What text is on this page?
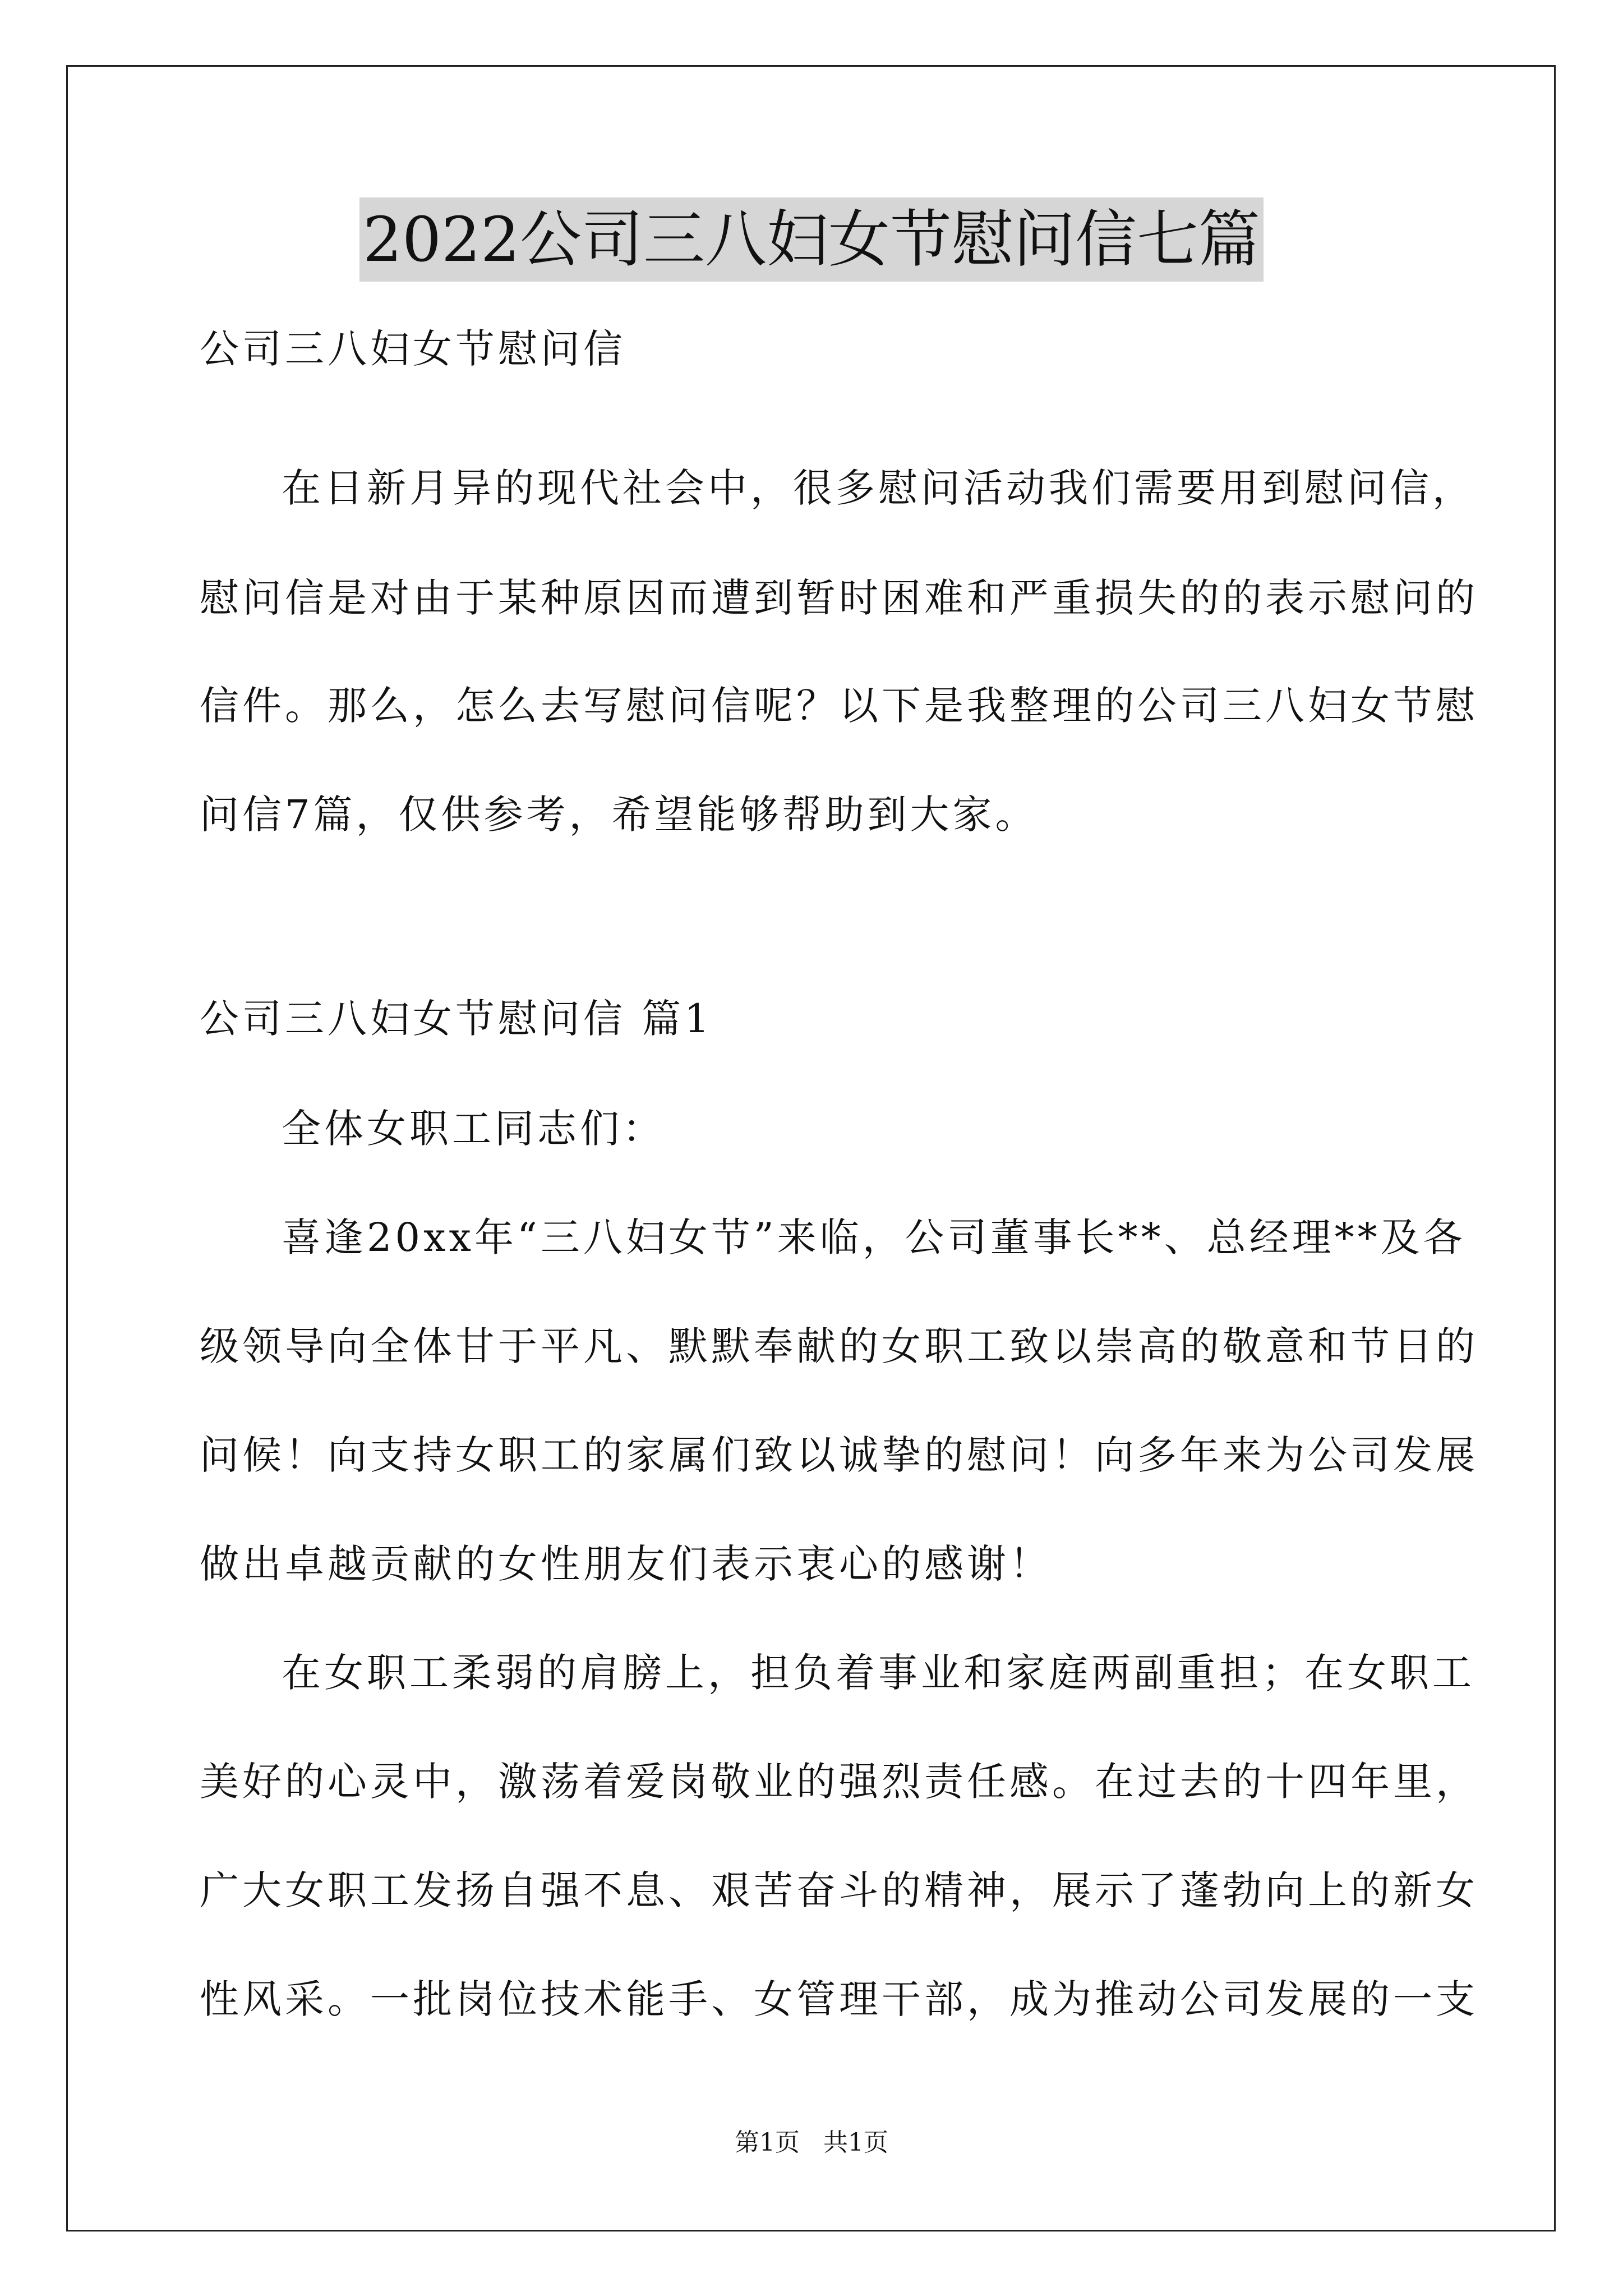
2022公司三八妇女节慰问信七篇
公司三八妇女节慰问信
在日新月异的现代社会中，很多慰问活动我们需要用到慰问信，
慰问信是对由于某种原因而遭到暂时困难和严重损失的的表示慰问的
信件。那么，怎么去写慰问信呢？以下是我整理的公司三八妇女节慰
问信7篇，仅供参考，希望能够帮助到大家。
公司三八妇女节慰问信 篇1
全体女职工同志们：
喜逢20xx年“三八妇女节”来临，公司董事长**、总经理**及各
级领导向全体甘于平凡、默默奉献的女职工致以崇高的敬意和节日的
问候！向支持女职工的家属们致以诚挚的慰问！向多年来为公司发展
做出卓越贡献的女性朋友们表示衷心的感谢！
在女职工柔弱的肩膀上，担负着事业和家庭两副重担；在女职工
美好的心灵中，激荡着爱岗敬业的强烈责任感。在过去的十四年里，
广大女职工发扬自强不息、艰苦奋斗的精神，展示了蓬勃向上的新女
性风采。一批岗位技术能手、女管理干部，成为推动公司发展的一支
第1页   共1页
